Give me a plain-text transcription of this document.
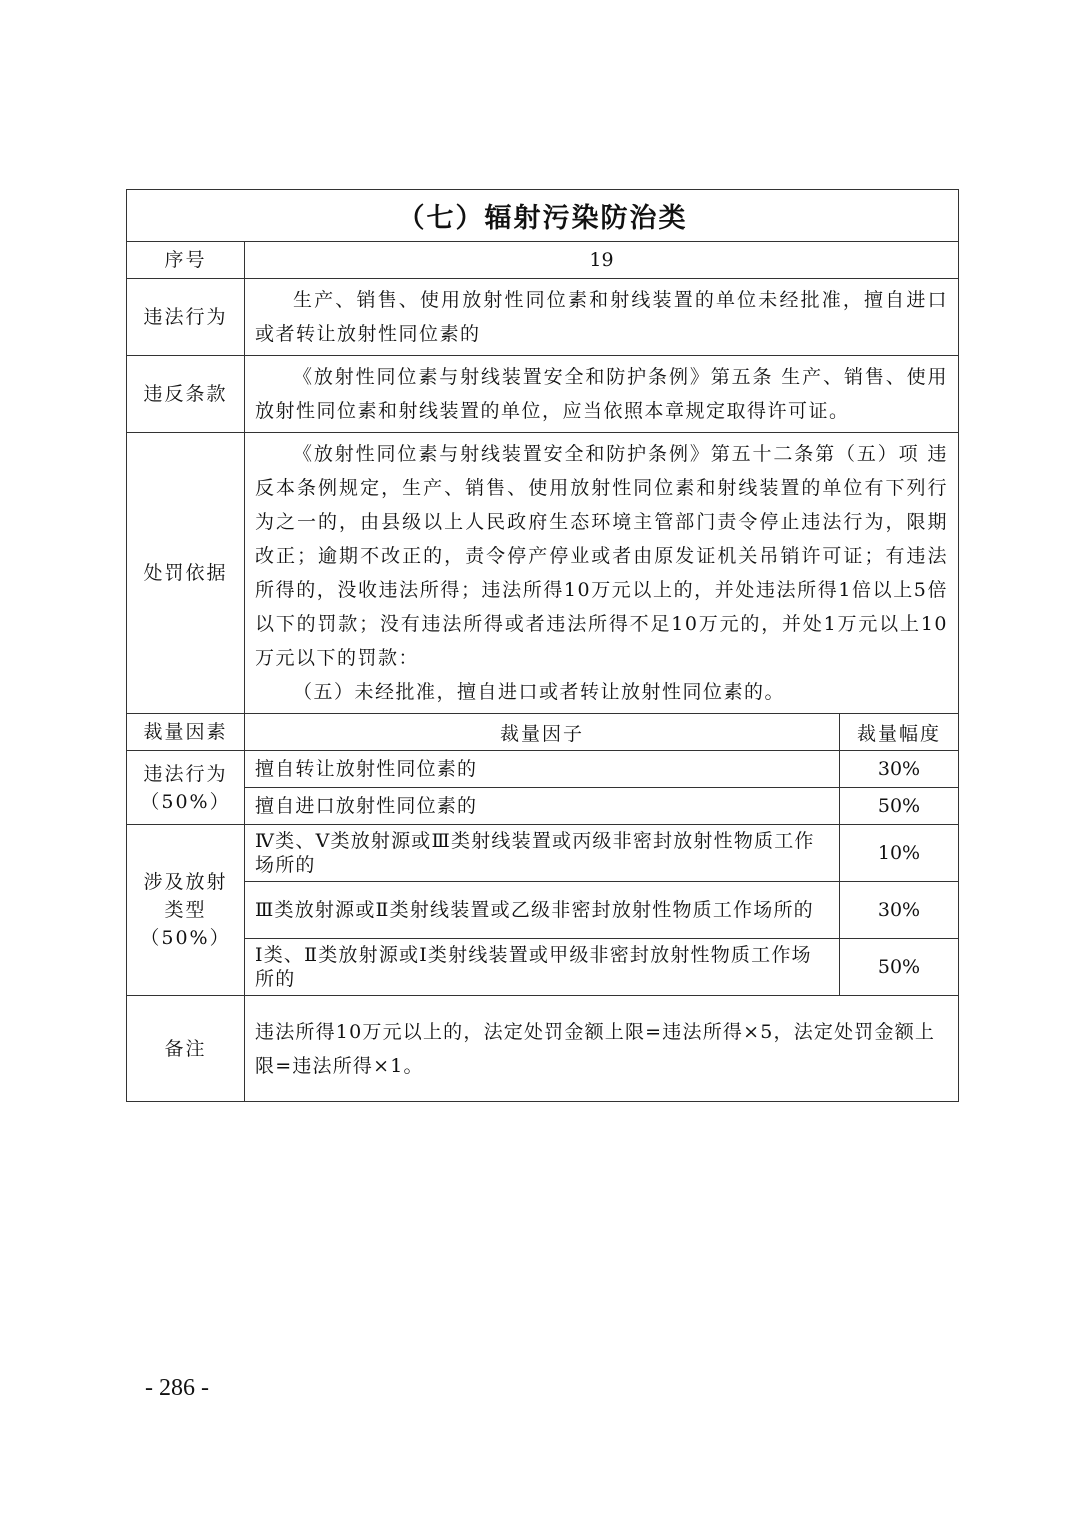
（七）辐射污染防治类		
序号	19	
违法行为	生产、销售、使用放射性同位素和射线装置的单位未经批准，擅自进口或者转让放射性同位素的	

违反条款	《放射性同位素与射线装置安全和防护条例》第五条 生产、销售、使用放射性同位素和射线装置的单位，应当依照本章规定取得许可证。	

处罚依据	《放射性同位素与射线装置安全和防护条例》第五十二条第（五）项 违反本条例规定，生产、销售、使用放射性同位素和射线装置的单位有下列行为之一的，由县级以上人民政府生态环境主管部门责令停止违法行为，限期改正；逾期不改正的，责令停产停业或者由原发证机关吊销许可证；有违法所得的，没收违法所得；违法所得10万元以上的，并处违法所得1倍以上5倍以下的罚款；没有违法所得或者违法所得不足10万元的，并处1万元以上10万元以下的罚款：
（五）未经批准，擅自进口或者转让放射性同位素的。	

裁量因素	裁量因子	裁量幅度

违法行为
（50%）	擅自转让放射性同位素的	30%
	擅自进口放射性同位素的	50%

涉及放射
类型
（50%）	Ⅳ类、Ⅴ类放射源或Ⅲ类射线装置或丙级非密封放射性物质工作场所的	10%
	Ⅲ类放射源或Ⅱ类射线装置或乙级非密封放射性物质工作场所的	30%
	Ⅰ类、Ⅱ类放射源或Ⅰ类射线装置或甲级非密封放射性物质工作场所的	50%
备注	违法所得10万元以上的，法定处罚金额上限=违法所得×5，法定处罚金额上限=违法所得×1。	
- 286 -
